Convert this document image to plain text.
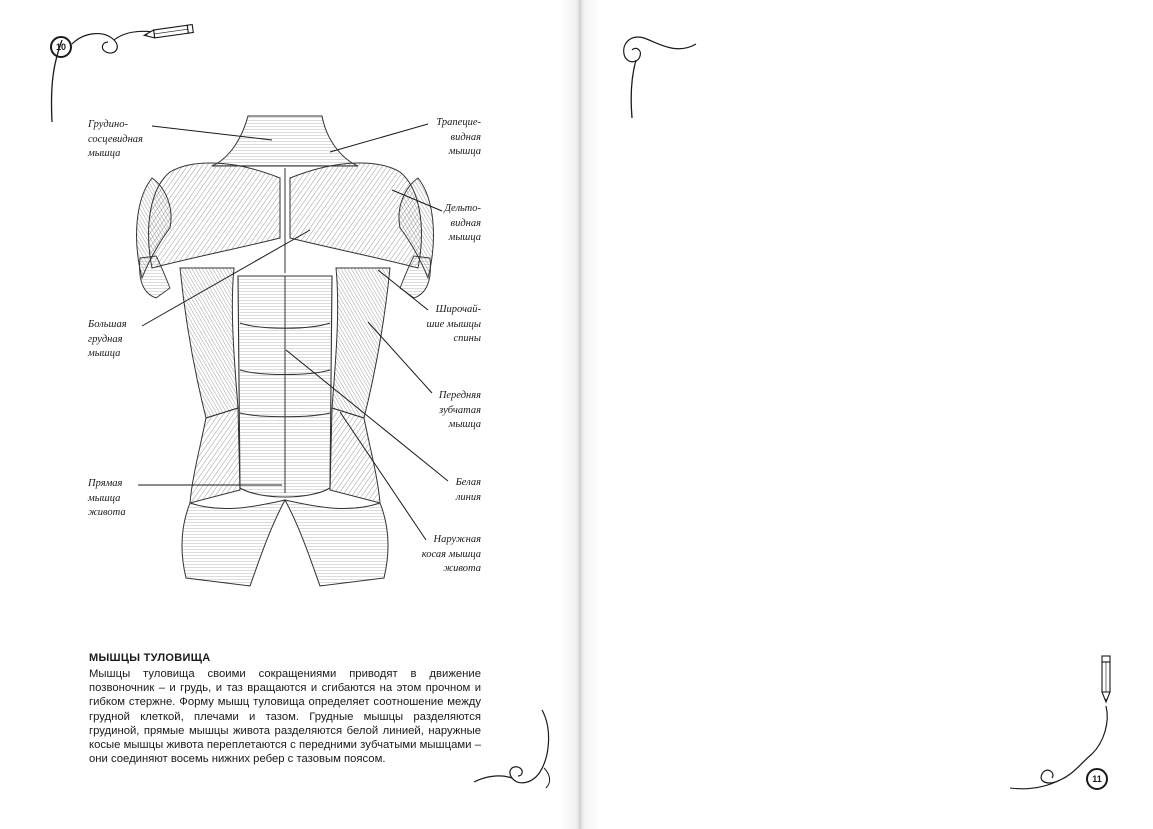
10
11
Грудино-
сосцевидная
мышца
Трапецие-
видная
мышца
Дельто-
видная
мышца
Большая
грудная
мышца
Широчай-
шие мышцы
спины
Передняя
зубчатая
мышца
Белая
линия
Прямая
мышца
живота
Наружная
косая мышца
живота
МЫШЦЫ ТУЛОВИЩА
Мышцы туловища своими сокращениями приводят в движение позвоночник – и грудь, и таз вращаются и сгибаются на этом прочном и гибком стержне. Форму мышц туловища определяет соотношение между грудной клеткой, плечами и тазом. Грудные мышцы разделяются грудиной, прямые мышцы живота разделяются белой линией, наружные косые мышцы живота переплетаются с передними зубчатыми мышцами – они соединяют восемь нижних ребер с тазовым поясом.
